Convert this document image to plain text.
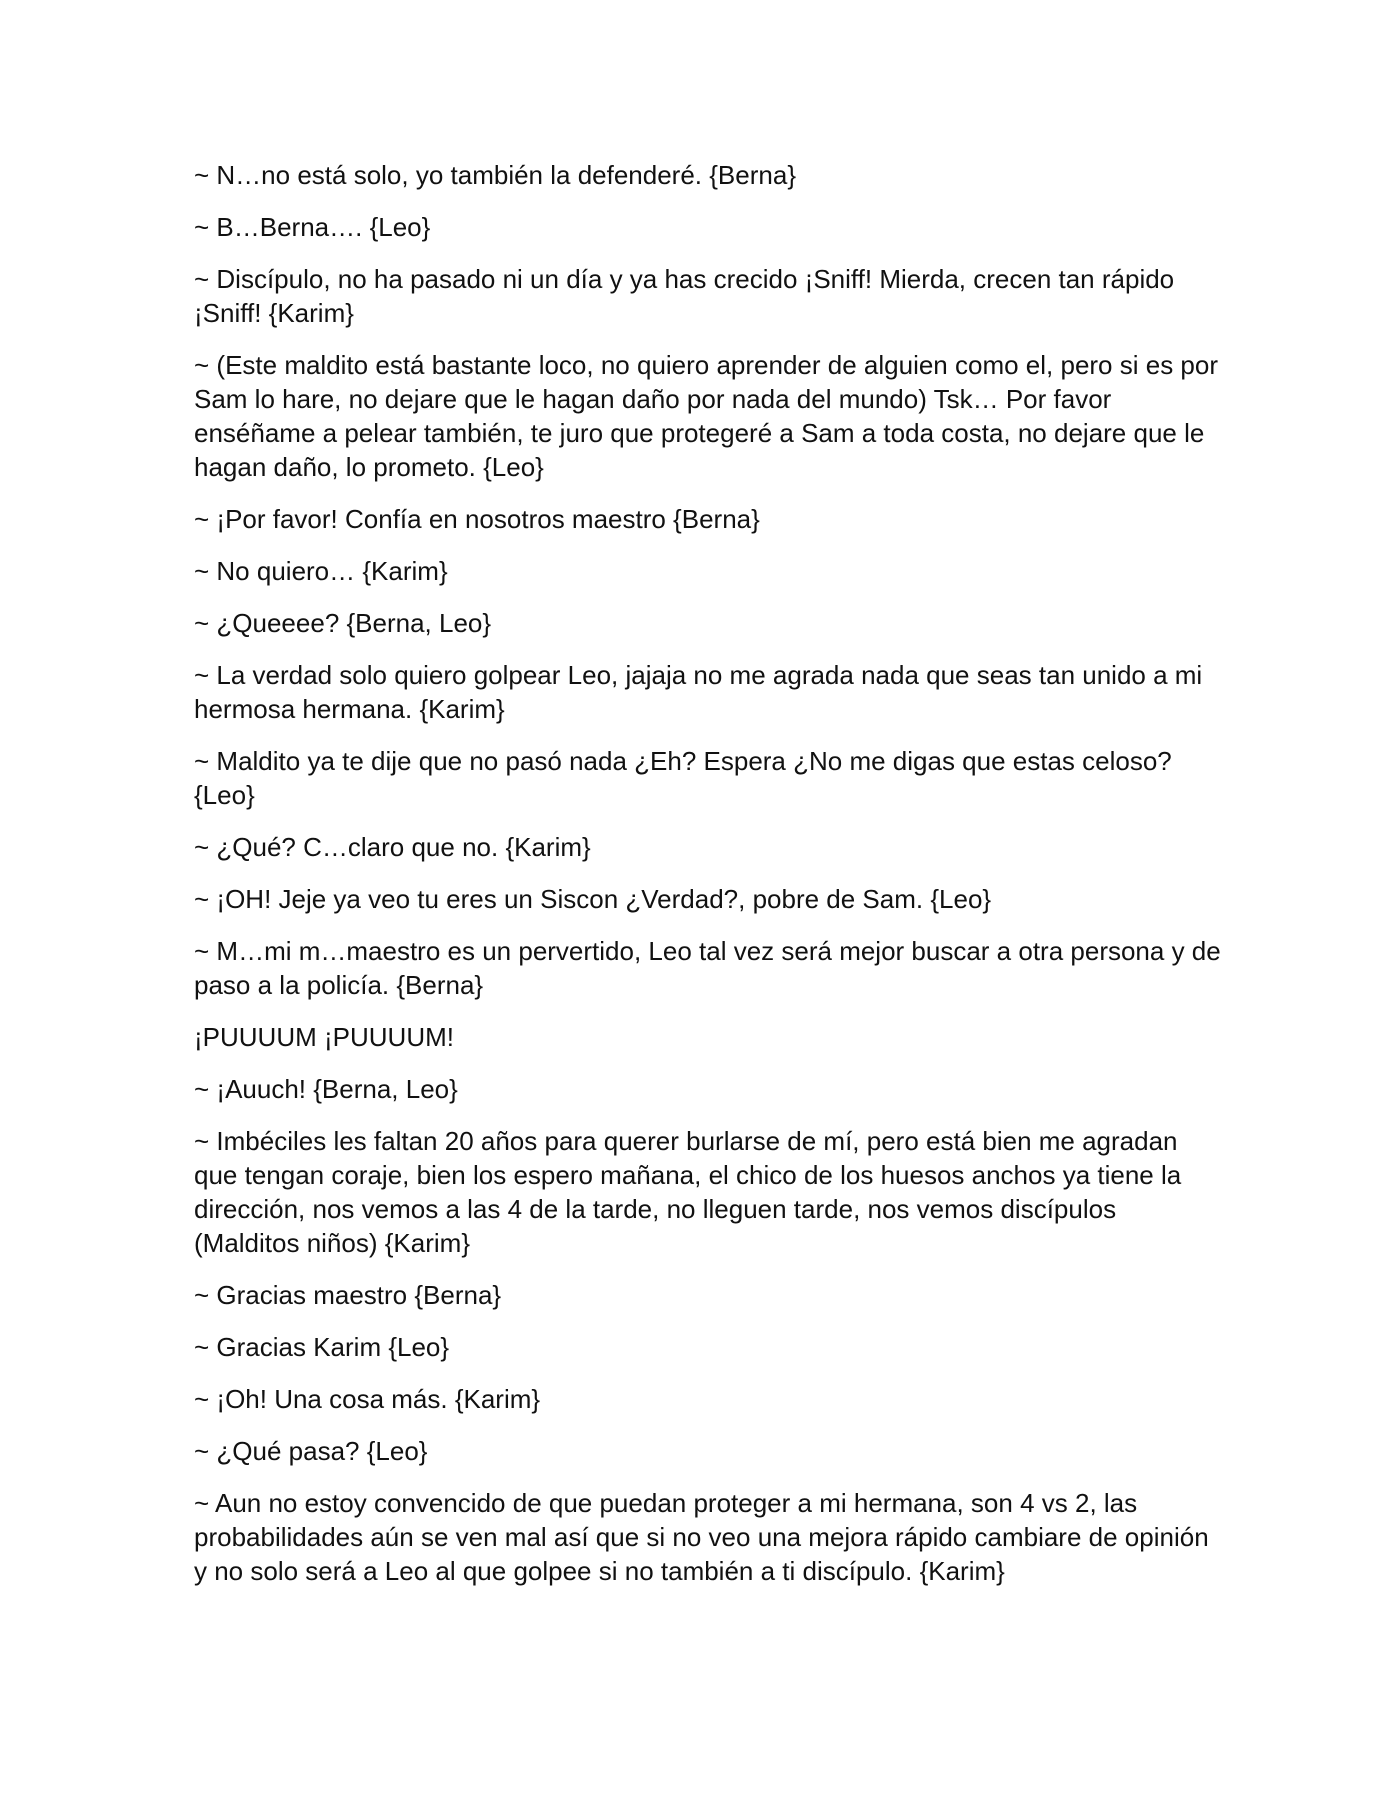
~ N…no está solo, yo también la defenderé. {Berna}

~ B…Berna…. {Leo}

~ Discípulo, no ha pasado ni un día y ya has crecido ¡Sniff! Mierda, crecen tan rápido ¡Sniff! {Karim}

~ (Este maldito está bastante loco, no quiero aprender de alguien como el, pero si es por Sam lo hare, no dejare que le hagan daño por nada del mundo) Tsk… Por favor enséñame a pelear también, te juro que protegeré a Sam a toda costa, no dejare que le hagan daño, lo prometo. {Leo}

~ ¡Por favor! Confía en nosotros maestro {Berna}

~ No quiero… {Karim}

~ ¿Queeee? {Berna, Leo}

~ La verdad solo quiero golpear Leo, jajaja no me agrada nada que seas tan unido a mi hermosa hermana. {Karim}

~ Maldito ya te dije que no pasó nada ¿Eh? Espera ¿No me digas que estas celoso? {Leo}

~ ¿Qué? C…claro que no. {Karim}

~ ¡OH! Jeje ya veo tu eres un Siscon ¿Verdad?, pobre de Sam. {Leo}

~ M…mi m…maestro es un pervertido, Leo tal vez será mejor buscar a otra persona y de paso a la policía. {Berna}

¡PUUUUM ¡PUUUUM!

~ ¡Auuch! {Berna, Leo}

~ Imbéciles les faltan 20 años para querer burlarse de mí, pero está bien me agradan que tengan coraje, bien los espero mañana, el chico de los huesos anchos ya tiene la dirección, nos vemos a las 4 de la tarde, no lleguen tarde, nos vemos discípulos (Malditos niños) {Karim}

~ Gracias maestro {Berna}

~ Gracias Karim {Leo}

~ ¡Oh! Una cosa más. {Karim}

~ ¿Qué pasa? {Leo}

~ Aun no estoy convencido de que puedan proteger a mi hermana, son 4 vs 2, las probabilidades aún se ven mal así que si no veo una mejora rápido cambiare de opinión y no solo será a Leo al que golpee si no también a ti discípulo. {Karim}
